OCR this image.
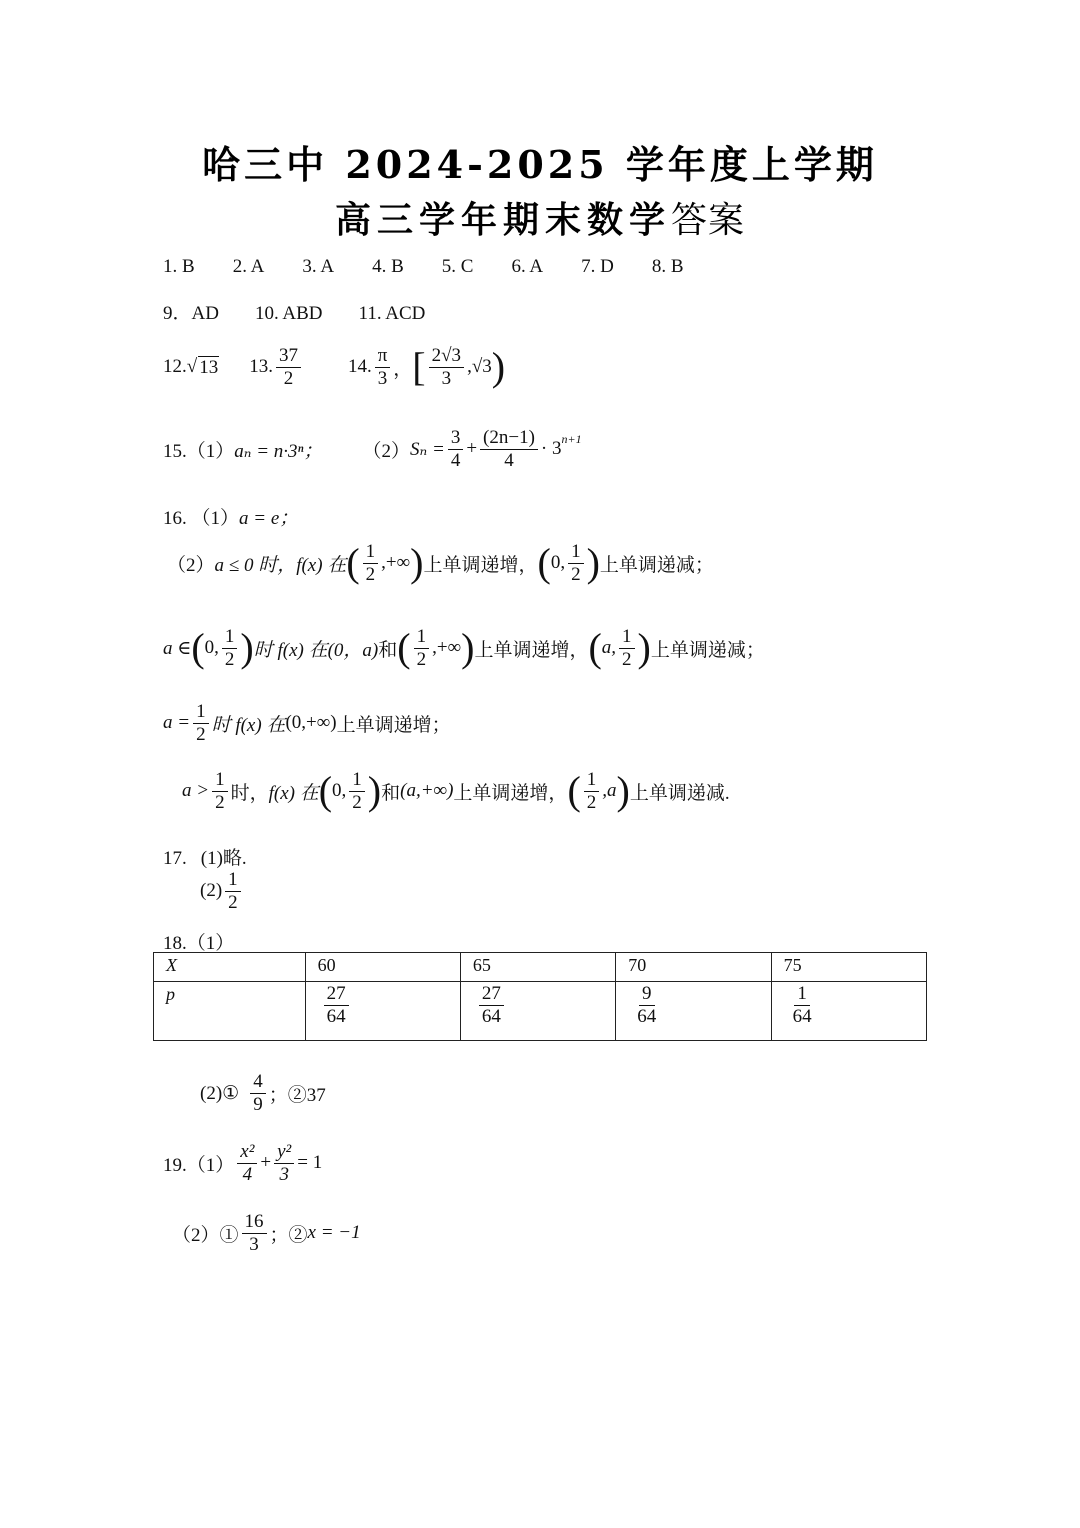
哈三中 2024-2025 学年度上学期
高三学年期末数学答案
1. B 2. A 3. A 4. B 5. C 6. A 7. D 8. B
9．AD 10. ABD 11. ACD
12. √ 13 13. $\frac{37}{2} 14$. $\frac{\pi}{3}$ ， [ $\frac{2√3}{3}$ , √3 )
15.（1） aₙ = n·3ⁿ； （2） $S_n = \frac{3}{4} + \frac{(2n-1)}{4} \cdot 3^{n+1}$
16. （1）a = e；
（2） a ≤ 0 时， f(x) 在 ( $\frac{1}{2}$ ,+∞ ) 上单调递增， ( 0, $\frac{1}{2}$ ) 上单调递减；
a ∈ ( 0, $\frac{1}{2}$ ) 时 f(x) 在 (0，a) 和 ( $\frac{1}{2}$ ,+∞ ) 上单调递增， ( a, $\frac{1}{2}$ ) 上单调递减；
$a = \frac{1}{2}$ 时 f(x) 在 (0,+∞) 上单调递增；
$a > \frac{1}{2}$ 时， f(x) 在 ( 0, $\frac{1}{2}$ ) 和 (a,+∞) 上单调递增， ( $\frac{1}{2} ,a$ ) 上单调递减.
17. (1)略.
$(2) \frac{1}{2}$
18.（1）
X	60	65	70	75
p	$\frac{27}{64}$	$\frac{27}{64}$	$\frac{9}{64}$	$\frac{1}{64}$
(2)① $\frac{4}{9}$ ；②37
$19.(1) \frac{\text{x²}}{4} + \frac{\text{y²}}{3} = 1$
（2）① $\frac{16}{3}$ ；② x = −1
